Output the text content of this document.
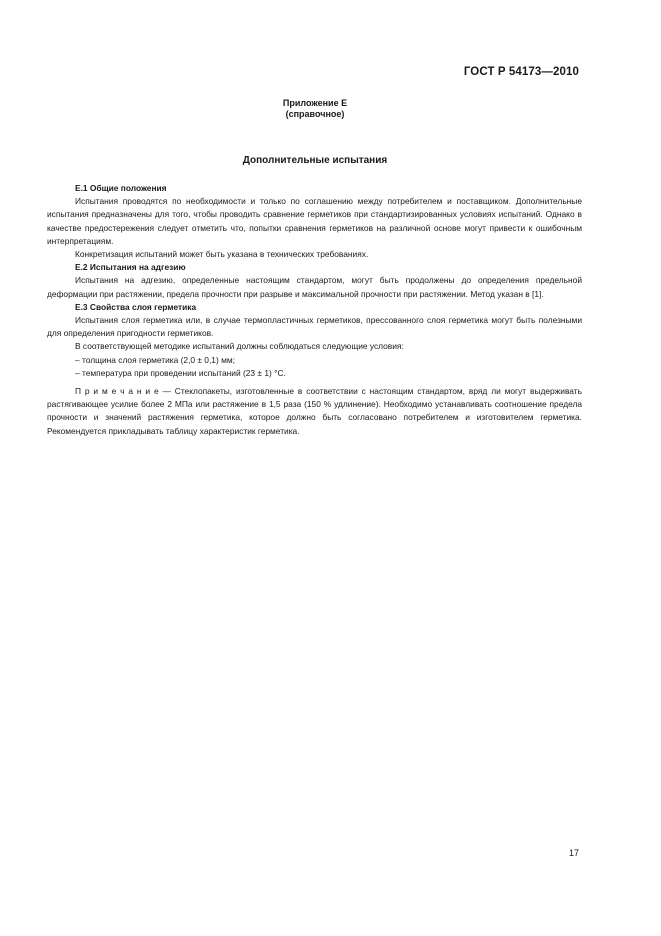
ГОСТ Р 54173—2010
Приложение Е
(справочное)
Дополнительные испытания

Е.1 Общие положения

Испытания проводятся по необходимости и только по соглашению между потребителем и поставщиком. Дополнительные испытания предназначены для того, чтобы проводить сравнение герметиков при стандартизированных условиях испытаний. Однако в качестве предостережения следует отметить что, попытки сравнения герметиков на различной основе могут привести к ошибочным интерпретациям.

Конкретизация испытаний может быть указана в технических требованиях.

Е.2 Испытания на адгезию

Испытания на адгезию, определенные настоящим стандартом, могут быть продолжены до определения предельной деформации при растяжении, предела прочности при разрыве и максимальной прочности при растяжении. Метод указан в [1].

Е.3 Свойства слоя герметика

Испытания слоя герметика или, в случае термопластичных герметиков, прессованного слоя герметика могут быть полезными для определения пригодности герметиков.

В соответствующей методике испытаний должны соблюдаться следующие условия:

– толщина слоя герметика (2,0 ± 0,1) мм;

– температура при проведении испытаний (23 ± 1) °С.

П р и м е ч а н и е — Стеклопакеты, изготовленные в соответствии с настоящим стандартом, вряд ли могут выдерживать растягивающее усилие более 2 МПа или растяжение в 1,5 раза (150 % удлинение). Необходимо устанавливать соотношение предела прочности и значений растяжения герметика, которое должно быть согласовано потребителем и изготовителем герметика. Рекомендуется прикладывать таблицу характеристик герметика.

17
